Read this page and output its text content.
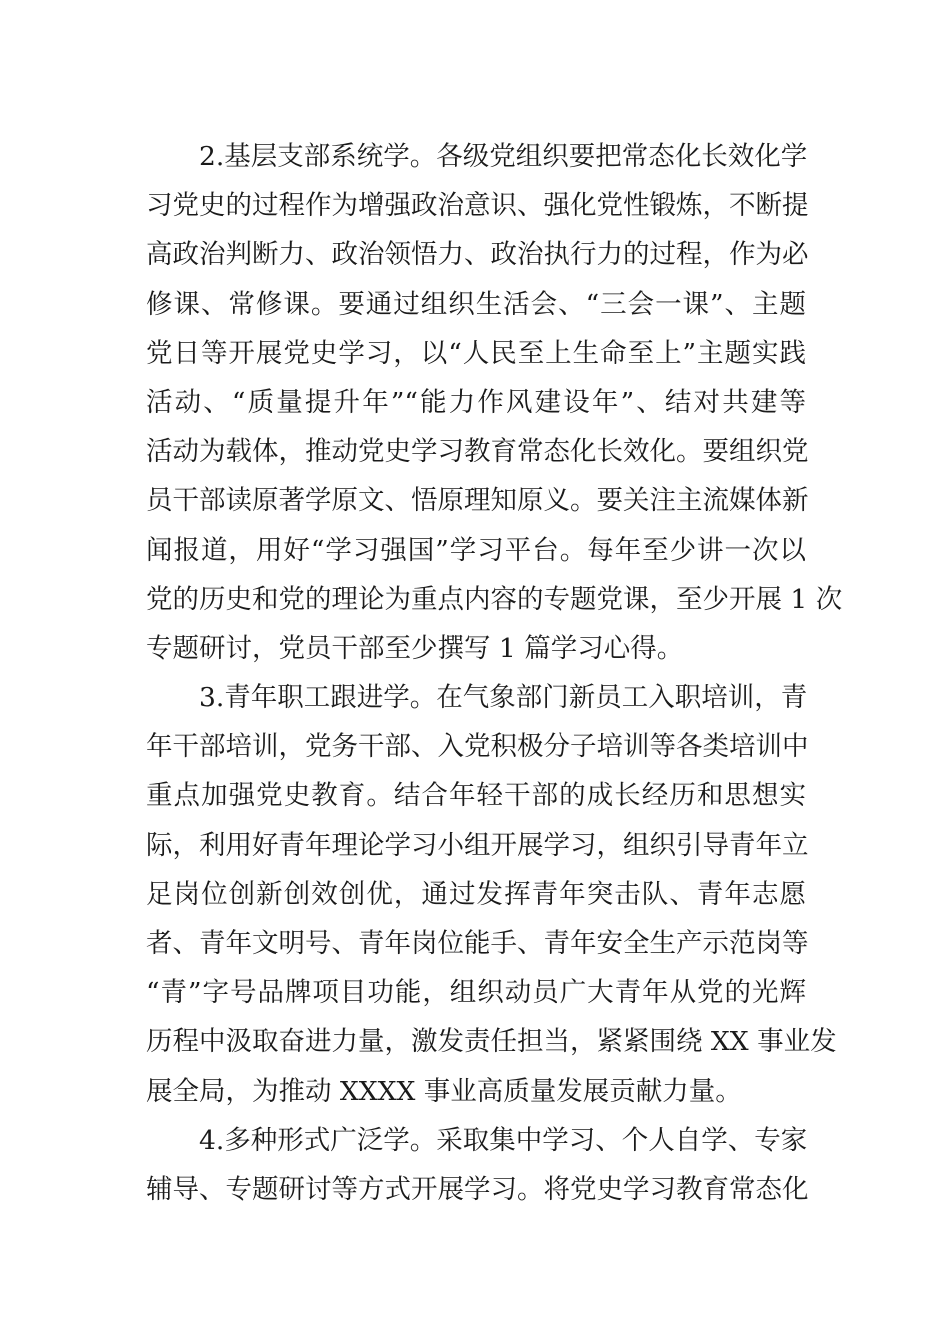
2.基层支部系统学。各级党组织要把常态化长效化学
习党史的过程作为增强政治意识、强化党性锻炼，不断提
高政治判断力、政治领悟力、政治执行力的过程，作为必
修课、常修课。要通过组织生活会、“三会一课”、主题
党日等开展党史学习，以“人民至上生命至上”主题实践
活动、“质量提升年”“能力作风建设年”、结对共建等
活动为载体，推动党史学习教育常态化长效化。要组织党
员干部读原著学原文、悟原理知原义。要关注主流媒体新
闻报道，用好“学习强国”学习平台。每年至少讲一次以
党的历史和党的理论为重点内容的专题党课，至少开展 1 次
专题研讨，党员干部至少撰写 1 篇学习心得。
3.青年职工跟进学。在气象部门新员工入职培训，青
年干部培训，党务干部、入党积极分子培训等各类培训中
重点加强党史教育。结合年轻干部的成长经历和思想实
际，利用好青年理论学习小组开展学习，组织引导青年立
足岗位创新创效创优，通过发挥青年突击队、青年志愿
者、青年文明号、青年岗位能手、青年安全生产示范岗等
“青”字号品牌项目功能，组织动员广大青年从党的光辉
历程中汲取奋进力量，激发责任担当，紧紧围绕 XX 事业发
展全局，为推动 XXXX 事业高质量发展贡献力量。
4.多种形式广泛学。采取集中学习、个人自学、专家
辅导、专题研讨等方式开展学习。将党史学习教育常态化
